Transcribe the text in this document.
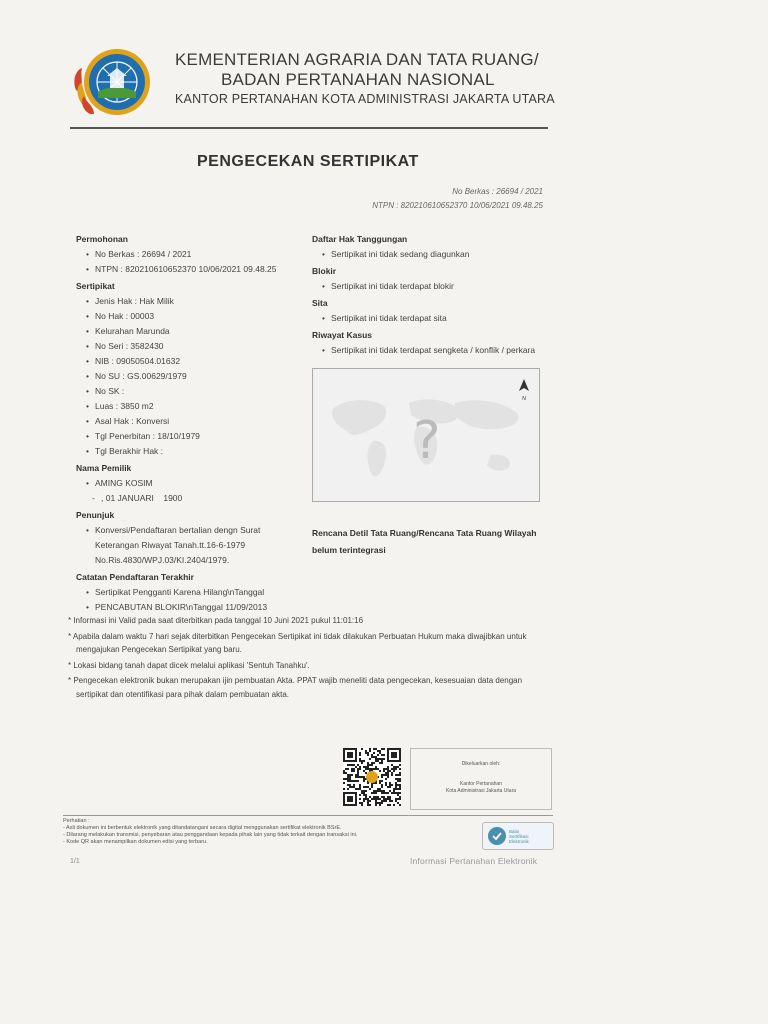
KEMENTERIAN AGRARIA DAN TATA RUANG/
BADAN PERTANAHAN NASIONAL
KANTOR PERTANAHAN KOTA ADMINISTRASI JAKARTA UTARA
PENGECEKAN SERTIPIKAT
No Berkas : 26694 / 2021
NTPN : 820210610652370 10/06/2021 09.48.25
Permohonan
• No Berkas : 26694 / 2021
• NTPN : 820210610652370 10/06/2021 09.48.25
Sertipikat
• Jenis Hak : Hak Milik
• No Hak : 00003
• Kelurahan Marunda
• No Seri : 3582430
• NIB : 09050504.01632
• No SU : GS.00629/1979
• No SK :
• Luas : 3850 m2
• Asal Hak : Konversi
• Tgl Penerbitan : 18/10/1979
• Tgl Berakhir Hak :
Nama Pemilik
• AMING KOSIM
- , 01 JANUARI    1900
Penunjuk
• Konversi/Pendaftaran bertalian dengn Surat Keterangan Riwayat Tanah.tt.16-6-1979 No.Ris.4830/WPJ.03/KI.2404/1979.
Catatan Pendaftaran Terakhir
• Sertipikat Pengganti Karena Hilang\nTanggal
• PENCABUTAN BLOKIR\nTanggal 11/09/2013
Daftar Hak Tanggungan
• Sertipikat ini tidak sedang diagunkan
Blokir
• Sertipikat ini tidak terdapat blokir
Sita
• Sertipikat ini tidak terdapat sita
Riwayat Kasus
• Sertipikat ini tidak terdapat sengketa / konflik / perkara
?
N
Rencana Detil Tata Ruang/Rencana Tata Ruang Wilayah belum terintegrasi

* Informasi ini Valid pada saat diterbitkan pada tanggal 10 Juni 2021 pukul 11:01:16

* Apabila dalam waktu 7 hari sejak diterbitkan Pengecekan Sertipikat ini tidak dilakukan Perbuatan Hukum maka diwajibkan untuk mengajukan Pengecekan Sertipikat yang baru.

* Lokasi bidang tanah dapat dicek melalui aplikasi 'Sentuh Tanahku'.

* Pengecekan elektronik bukan merupakan ijin pembuatan Akta. PPAT wajib meneliti data pengecekan, kesesuaian data dengan sertipikat dan otentifikasi para pihak dalam pembuatan akta.

Dikeluarkan oleh:
Kantor Pertanahan
Kota Administrasi Jakarta Utara
Perhatian :
- Asli dokumen ini berbentuk elektronik yang ditandatangani secara digital menggunakan sertifikat elektronik BSrE.
- Dilarang melakukan transmisi, penyebaran atau penggandaan kepada pihak lain yang tidak terkait dengan transaksi ini.
- Kode QR akan menampilkan dokumen edisi yang terbaru.
Balai
Sertifikasi
Elektronik
1/1	Informasi Pertanahan Elektronik
